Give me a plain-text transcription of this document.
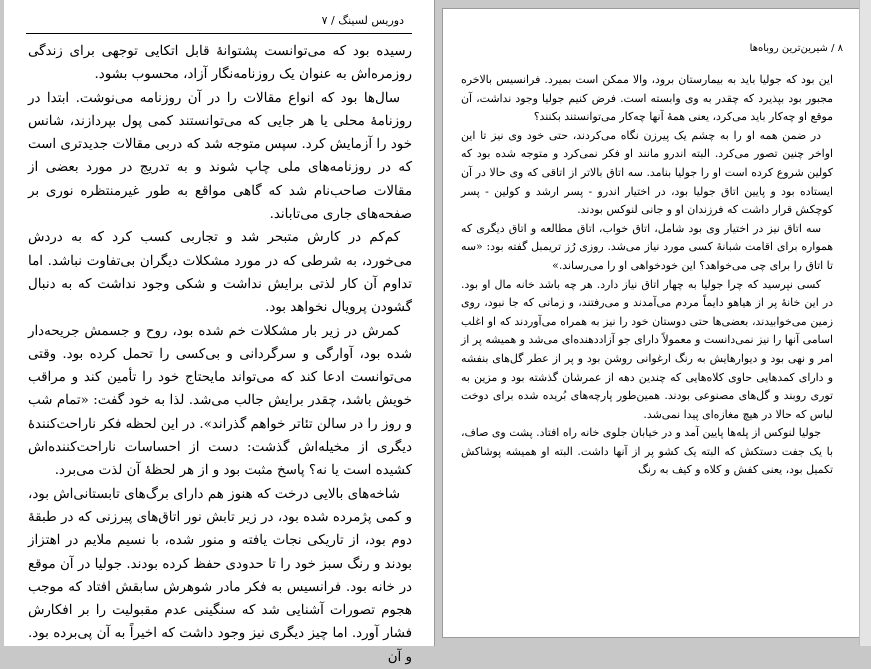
دوریس لسینگ / ۷

رسیده بود که می‌توانست پشتوانهٔ قابل اتکایی توجهی برای زندگی روزمره‌اش به عنوان یک روزنامه‌نگار آزاد، محسوب بشود.

سال‌ها بود که انواع مقالات را در آن روزنامه می‌نوشت. ابتدا در روزنامهٔ محلی یا هر جایی که می‌توانستند کمی پول بپردازند، شانس خود را آزمایش کرد. سپس متوجه شد که دربی مقالات جدیدتری است که در روزنامه‌های ملی چاپ شوند و به تدریج در مورد بعضی از مقالات صاحب‌نام شد که گاهی مواقع به طور غیرمنتظره نوری بر صفحه‌های جاری می‌تاباند.

کم‌کم در کارش متبحر شد و تجاربی کسب کرد که به دردش می‌خورد، به شرطی که در مورد مشکلات دیگران بی‌تفاوت نباشد. اما تداوم آن کار لذتی برایش نداشت و شکی وجود نداشت که به دنبال گشودن پرویال نخواهد بود.

کمرش در زیر بار مشکلات خم شده بود، روح و جسمش جریحه‌دار شده بود، آوارگی و سرگردانی و بی‌کسی را تحمل کرده بود. وقتی می‌توانست ادعا کند که می‌تواند مایحتاج خود را تأمین کند و مراقب خویش باشد، چقدر برایش جالب می‌شد. لذا به خود گفت: «تمام شب و روز را در سالن تئاتر خواهم گذراند». در این لحظه فکر ناراحت‌کنندهٔ دیگری از مخیله‌اش گذشت: دست از احساسات ناراحت‌کننده‌اش کشیده است یا نه؟ پاسخ مثبت بود و از هر لحظهٔ آن لذت می‌برد.

شاخه‌های بالایی درخت که هنوز هم دارای برگ‌های تابستانی‌اش بود، و کمی پژمرده شده بود، در زیر تابش نور اتاق‌های پیرزنی که در طبقهٔ دوم بود، از تاریکی نجات یافته و منور شده، با نسیم ملایم در اهتزاز بودند و رنگ سبز خود را تا حدودی حفظ کرده بودند. جولیا در آن موقع در خانه بود. فرانسیس به فکر مادر شوهرش سابقش افتاد که موجب هجوم تصورات آشنایی شد که سنگینی عدم مقبولیت را بر افکارش فشار آورد. اما چیز دیگری نیز وجود داشت که اخیراً به آن پی‌برده بود. و آن

۸ / شیرین‌ترین روباه‌ها

این بود که جولیا باید به بیمارستان برود، والا ممکن است بمیرد. فرانسیس بالاخره مجبور بود بپذیرد که چقدر به وی وابسته است. فرض کنیم جولیا وجود نداشت، آن موقع او چه‌کار باید می‌کرد، یعنی همهٔ آنها چه‌کار می‌توانستند بکنند؟

در ضمن همه او را به چشم یک پیرزن نگاه می‌کردند، حتی خود وی نیز تا این اواخر چنین تصور می‌کرد. البته اندرو مانند او فکر نمی‌کرد و متوجه شده بود که کولین شروع کرده است او را جولیا بنامد. سه اتاق بالاتر از اتاقی که وی حالا در آن ایستاده بود و پایین اتاق جولیا بود، در اختیار اندرو - پسر ارشد و کولین - پسر کوچکش قرار داشت که فرزندان او و جانی لنوکس بودند.

سه اتاق نیز در اختیار وی بود شامل، اتاق خواب، اتاق مطالعه و اتاق دیگری که همواره برای اقامت شبانهٔ کسی مورد نیاز می‌شد. روزی رُز تریمبل گفته بود: «سه تا اتاق را برای چی می‌خواهد؟ این خودخواهی او را می‌رساند.»

کسی نپرسید که چرا جولیا به چهار اتاق نیاز دارد. هر چه باشد خانه مال او بود. در این خانهٔ پر از هیاهو دایماً مردم می‌آمدند و می‌رفتند، و زمانی که جا نبود، روی زمین می‌خوابیدند، بعضی‌ها حتی دوستان خود را نیز به همراه می‌آوردند که او اغلب اسامی آنها را نیز نمی‌دانست و معمولاً دارای جو آزاددهنده‌ای می‌شد و همیشه پر از امر و نهی بود و دیوارهایش به رنگ ارغوانی روشن بود و پر از عطر گل‌های بنفشه و دارای کمدهایی حاوی کلاه‌هایی که چندین دهه از عمرشان گذشته بود و مزین به توری روبند و گل‌های مصنوعی بودند. همین‌طور پارچه‌های بُریده شده برای دوخت لباس که حالا در هیچ مغازه‌ای پیدا نمی‌شد.

جولیا لنوکس از پله‌ها پایین آمد و در خیابان جلوی خانه راه افتاد. پشت وی صاف، با یک جفت دستکش که البته یک کشو پر از آنها داشت. البته او همیشه پوشاکش تکمیل بود، یعنی کفش و کلاه و کیف به رنگ
